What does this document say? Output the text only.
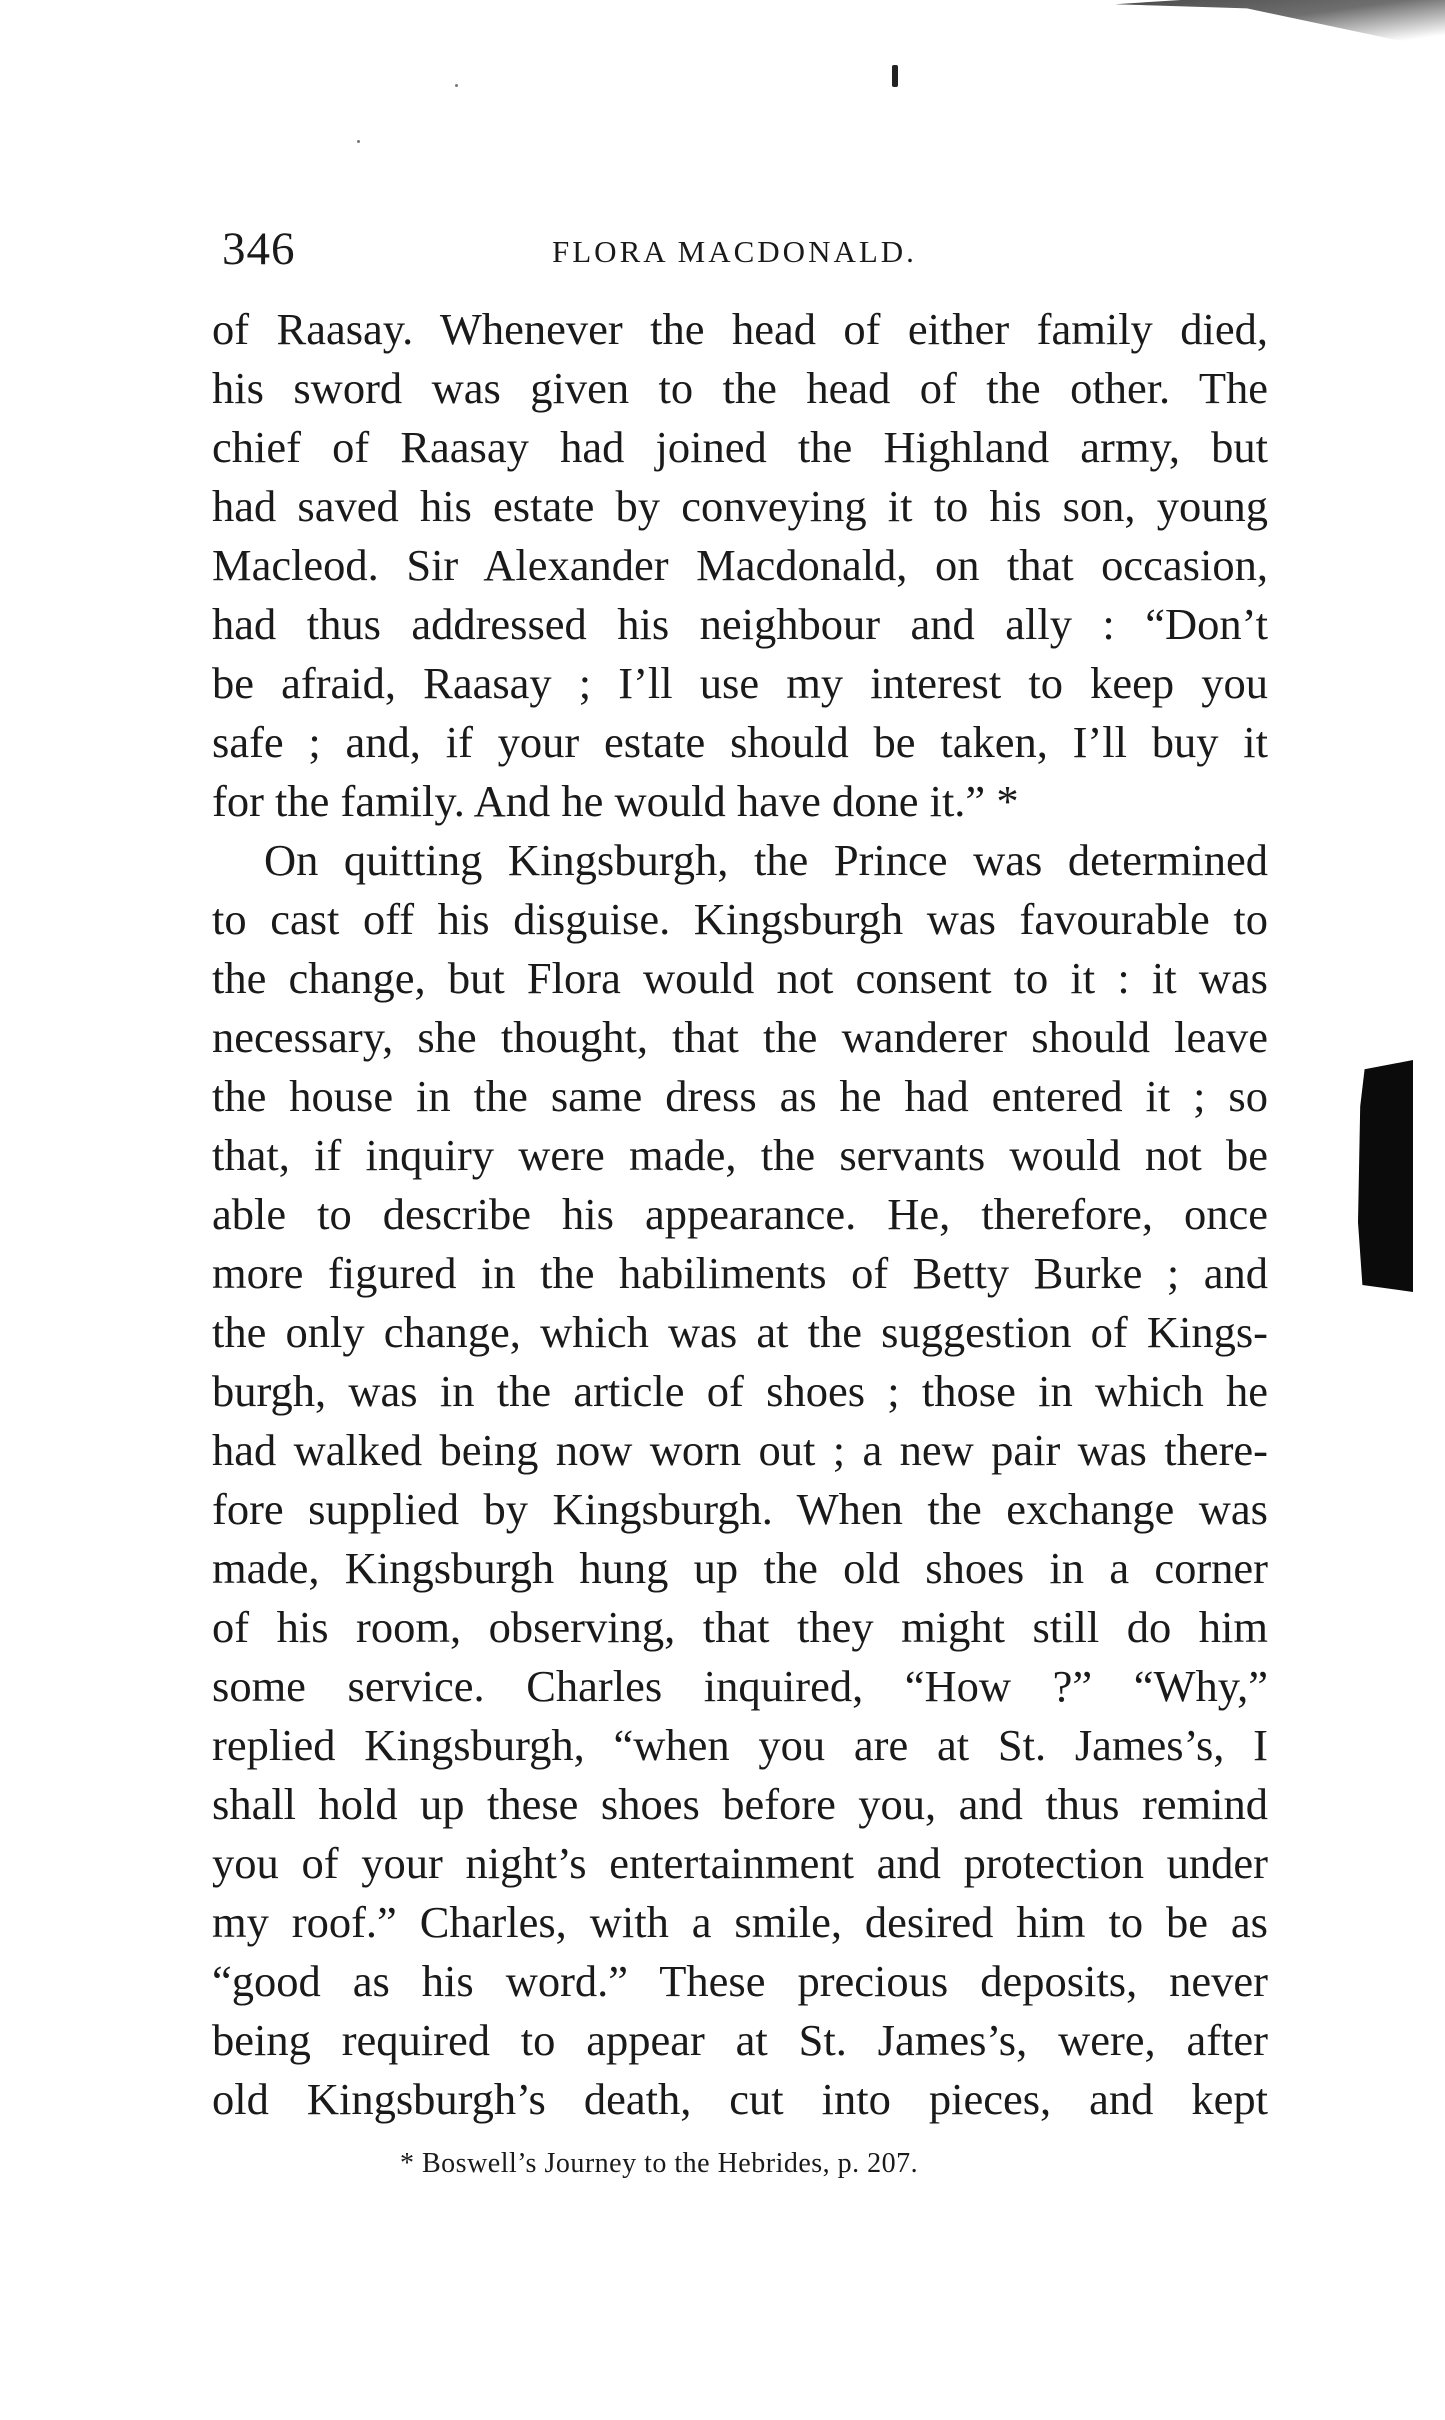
346	FLORA MACDONALD.
of Raasay. Whenever the head of either family died,
his sword was given to the head of the other. The
chief of Raasay had joined the Highland army, but
had saved his estate by conveying it to his son, young
Macleod. Sir Alexander Macdonald, on that occasion,
had thus addressed his neighbour and ally : “Don’t
be afraid, Raasay ; I’ll use my interest to keep you
safe ; and, if your estate should be taken, I’ll buy it
for the family. And he would have done it.” *
On quitting Kingsburgh, the Prince was determined
to cast off his disguise. Kingsburgh was favourable to
the change, but Flora would not consent to it : it was
necessary, she thought, that the wanderer should leave
the house in the same dress as he had entered it ; so
that, if inquiry were made, the servants would not be
able to describe his appearance. He, therefore, once
more figured in the habiliments of Betty Burke ; and
the only change, which was at the suggestion of Kings-
burgh, was in the article of shoes ; those in which he
had walked being now worn out ; a new pair was there-
fore supplied by Kingsburgh. When the exchange was
made, Kingsburgh hung up the old shoes in a corner
of his room, observing, that they might still do him
some service. Charles inquired, “How ?” “Why,”
replied Kingsburgh, “when you are at St. James’s, I
shall hold up these shoes before you, and thus remind
you of your night’s entertainment and protection under
my roof.” Charles, with a smile, desired him to be as
“good as his word.” These precious deposits, never
being required to appear at St. James’s, were, after
old Kingsburgh’s death, cut into pieces, and kept
* Boswell’s Journey to the Hebrides, p. 207.
